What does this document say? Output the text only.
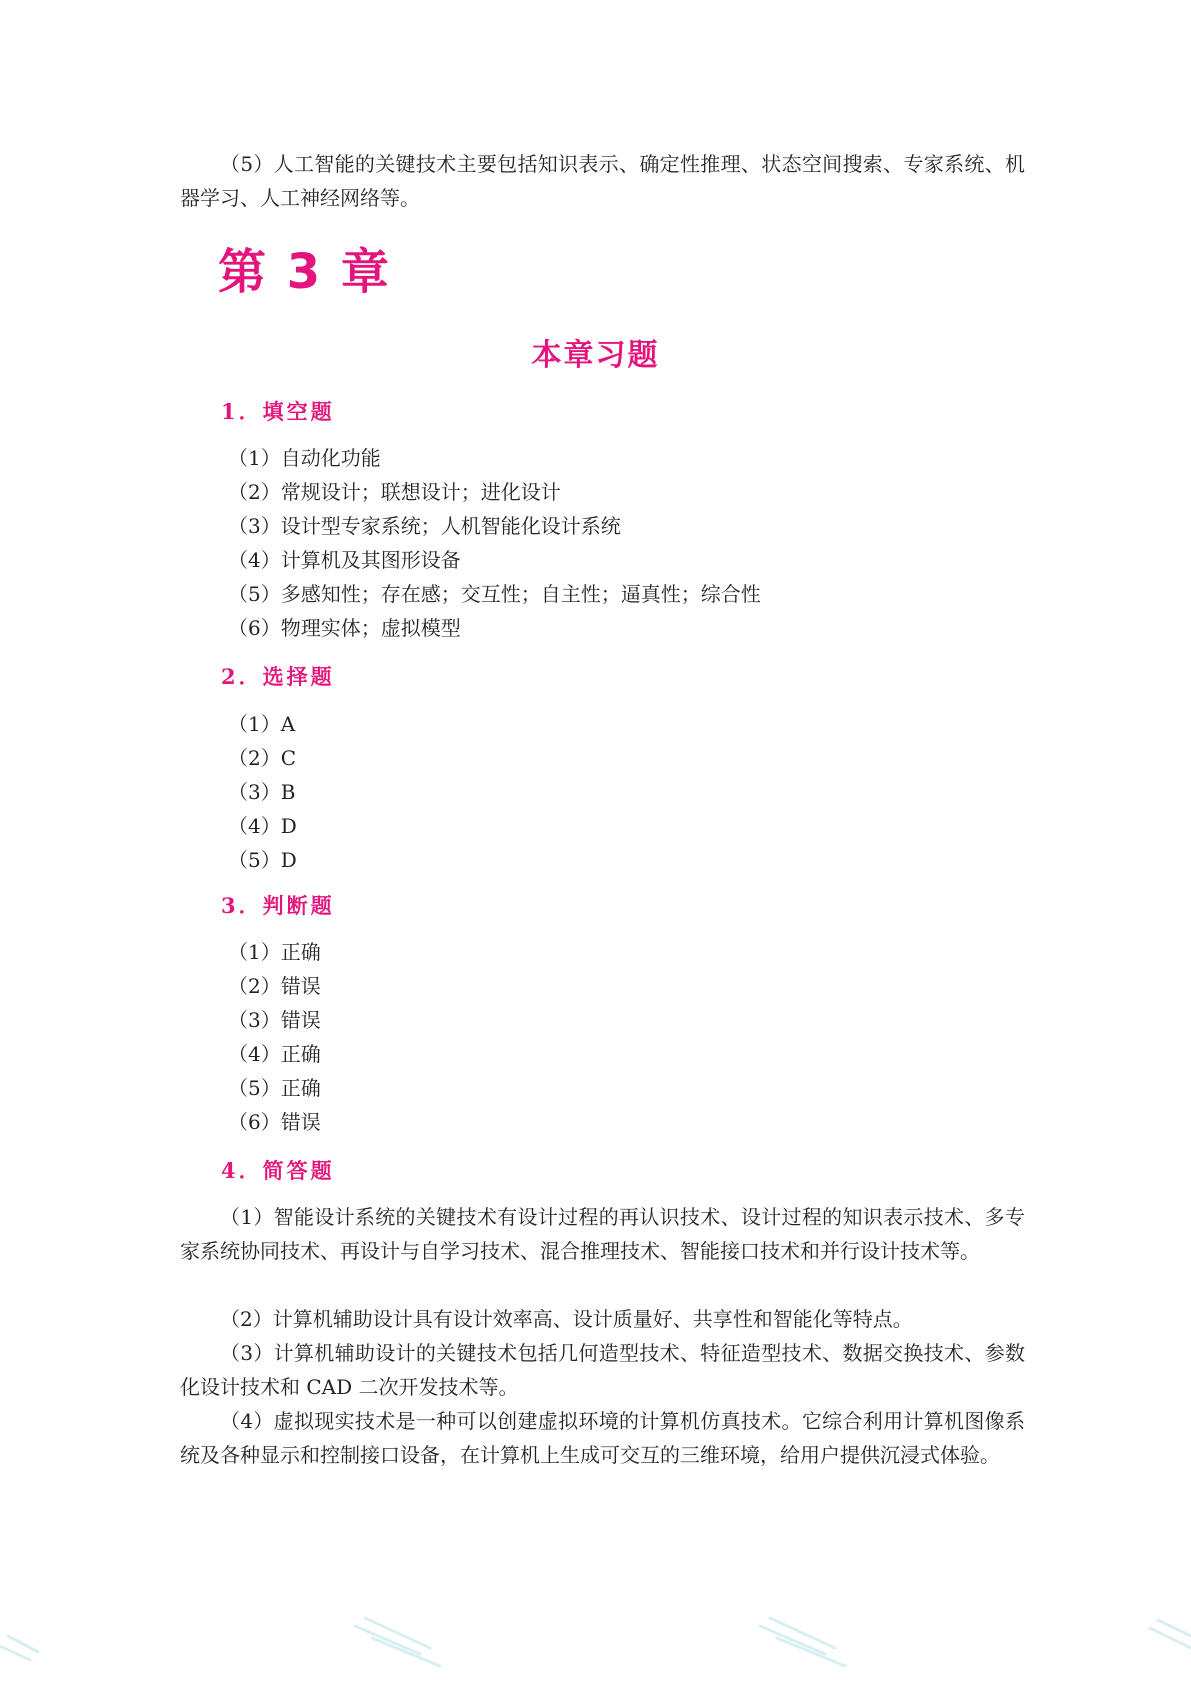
（5）人工智能的关键技术主要包括知识表示、确定性推理、状态空间搜索、专家系统、机器学习、人工神经网络等。

第 3 章
本章习题
1．填空题

（1）自动化功能

（2）常规设计；联想设计；进化设计

（3）设计型专家系统；人机智能化设计系统

（4）计算机及其图形设备

（5）多感知性；存在感；交互性；自主性；逼真性；综合性

（6）物理实体；虚拟模型

2．选择题

（1）A

（2）C

（3）B

（4）D

（5）D

3．判断题

（1）正确

（2）错误

（3）错误

（4）正确

（5）正确

（6）错误

4．简答题

（1）智能设计系统的关键技术有设计过程的再认识技术、设计过程的知识表示技术、多专家系统协同技术、再设计与自学习技术、混合推理技术、智能接口技术和并行设计技术等。

（2）计算机辅助设计具有设计效率高、设计质量好、共享性和智能化等特点。

（3）计算机辅助设计的关键技术包括几何造型技术、特征造型技术、数据交换技术、参数化设计技术和 CAD 二次开发技术等。

（4）虚拟现实技术是一种可以创建虚拟环境的计算机仿真技术。它综合利用计算机图像系统及各种显示和控制接口设备，在计算机上生成可交互的三维环境，给用户提供沉浸式体验。
